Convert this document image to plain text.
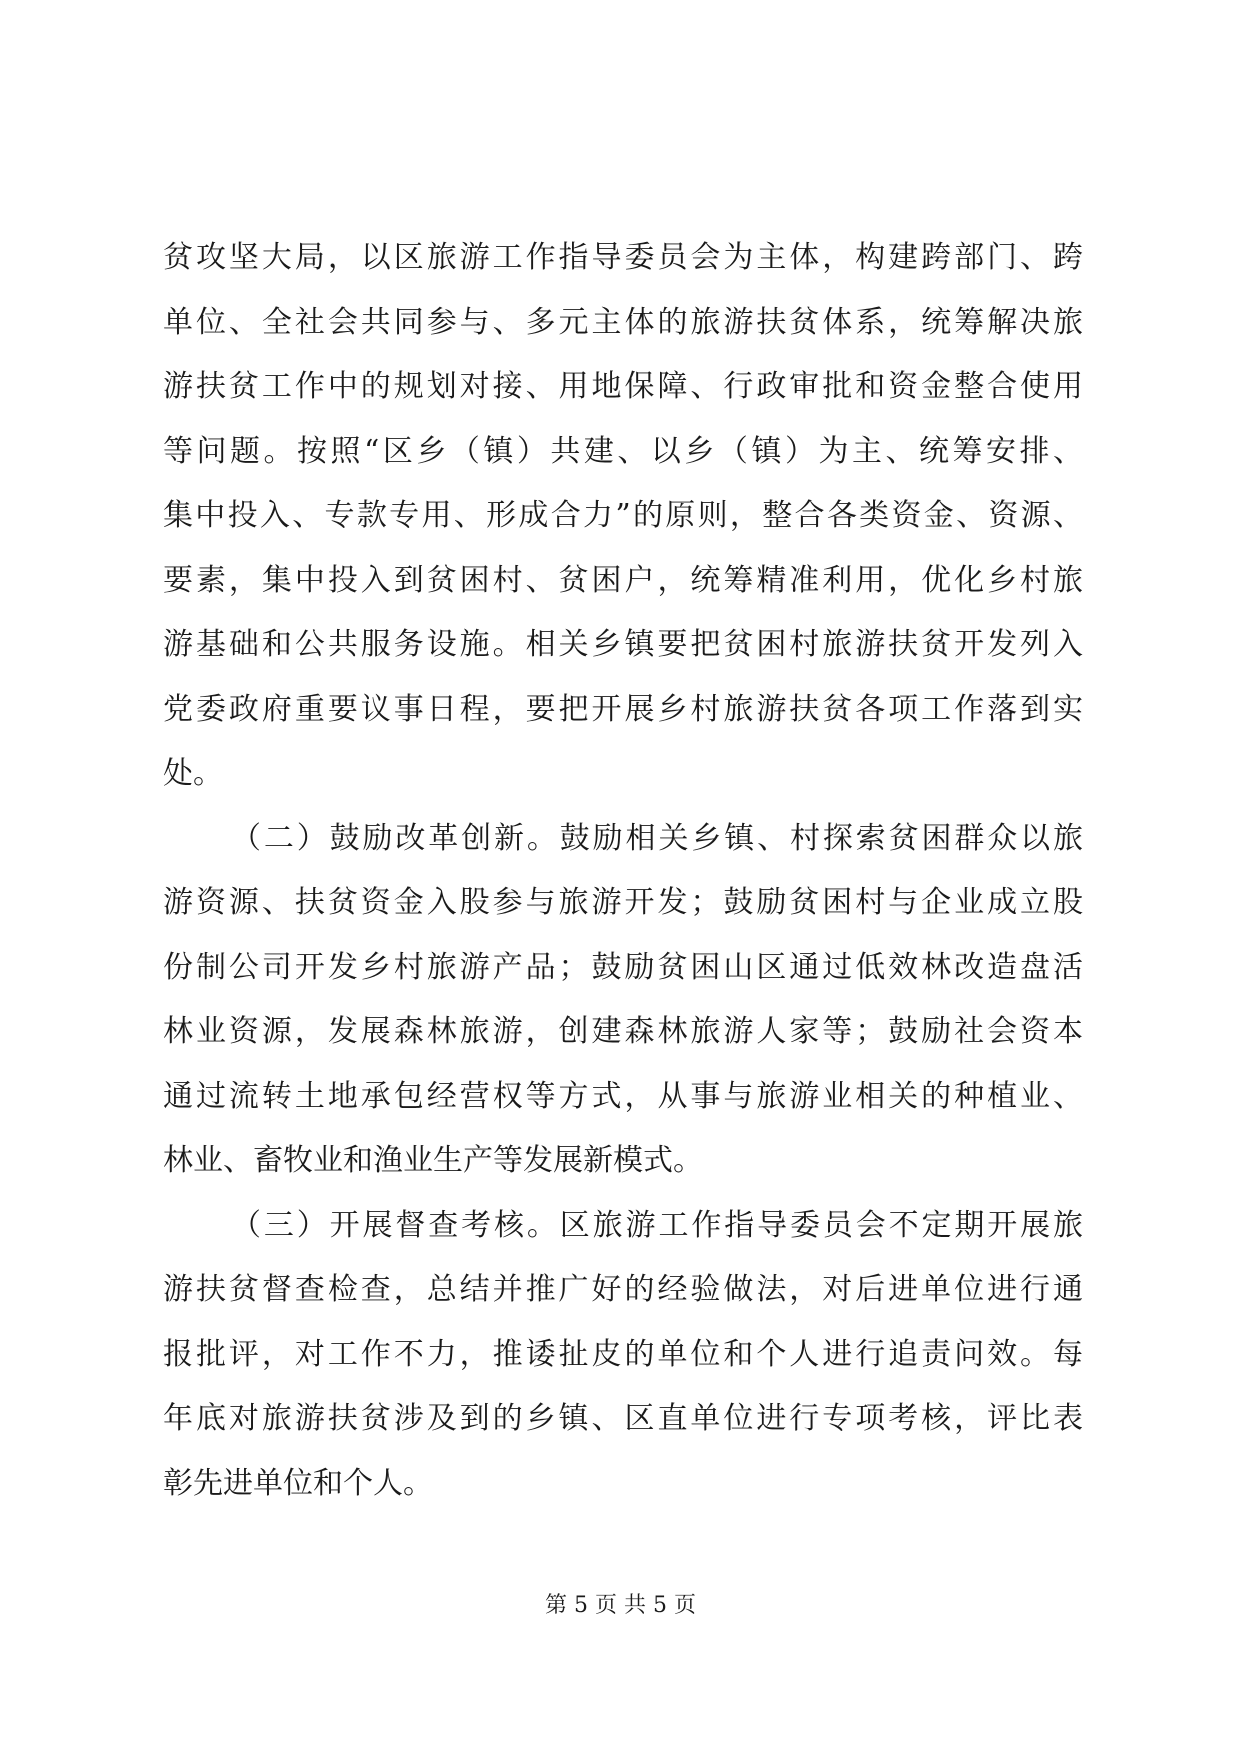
贫攻坚大局，以区旅游工作指导委员会为主体，构建跨部门、跨
单位、全社会共同参与、多元主体的旅游扶贫体系，统筹解决旅
游扶贫工作中的规划对接、用地保障、行政审批和资金整合使用
等问题。按照“区乡（镇）共建、以乡（镇）为主、统筹安排、
集中投入、专款专用、形成合力”的原则，整合各类资金、资源、
要素，集中投入到贫困村、贫困户，统筹精准利用，优化乡村旅
游基础和公共服务设施。相关乡镇要把贫困村旅游扶贫开发列入
党委政府重要议事日程，要把开展乡村旅游扶贫各项工作落到实
处。
（二）鼓励改革创新。鼓励相关乡镇、村探索贫困群众以旅
游资源、扶贫资金入股参与旅游开发；鼓励贫困村与企业成立股
份制公司开发乡村旅游产品；鼓励贫困山区通过低效林改造盘活
林业资源，发展森林旅游，创建森林旅游人家等；鼓励社会资本
通过流转土地承包经营权等方式，从事与旅游业相关的种植业、
林业、畜牧业和渔业生产等发展新模式。
（三）开展督查考核。区旅游工作指导委员会不定期开展旅
游扶贫督查检查，总结并推广好的经验做法，对后进单位进行通
报批评，对工作不力，推诿扯皮的单位和个人进行追责问效。每
年底对旅游扶贫涉及到的乡镇、区直单位进行专项考核，评比表
彰先进单位和个人。
第 5 页 共 5 页
